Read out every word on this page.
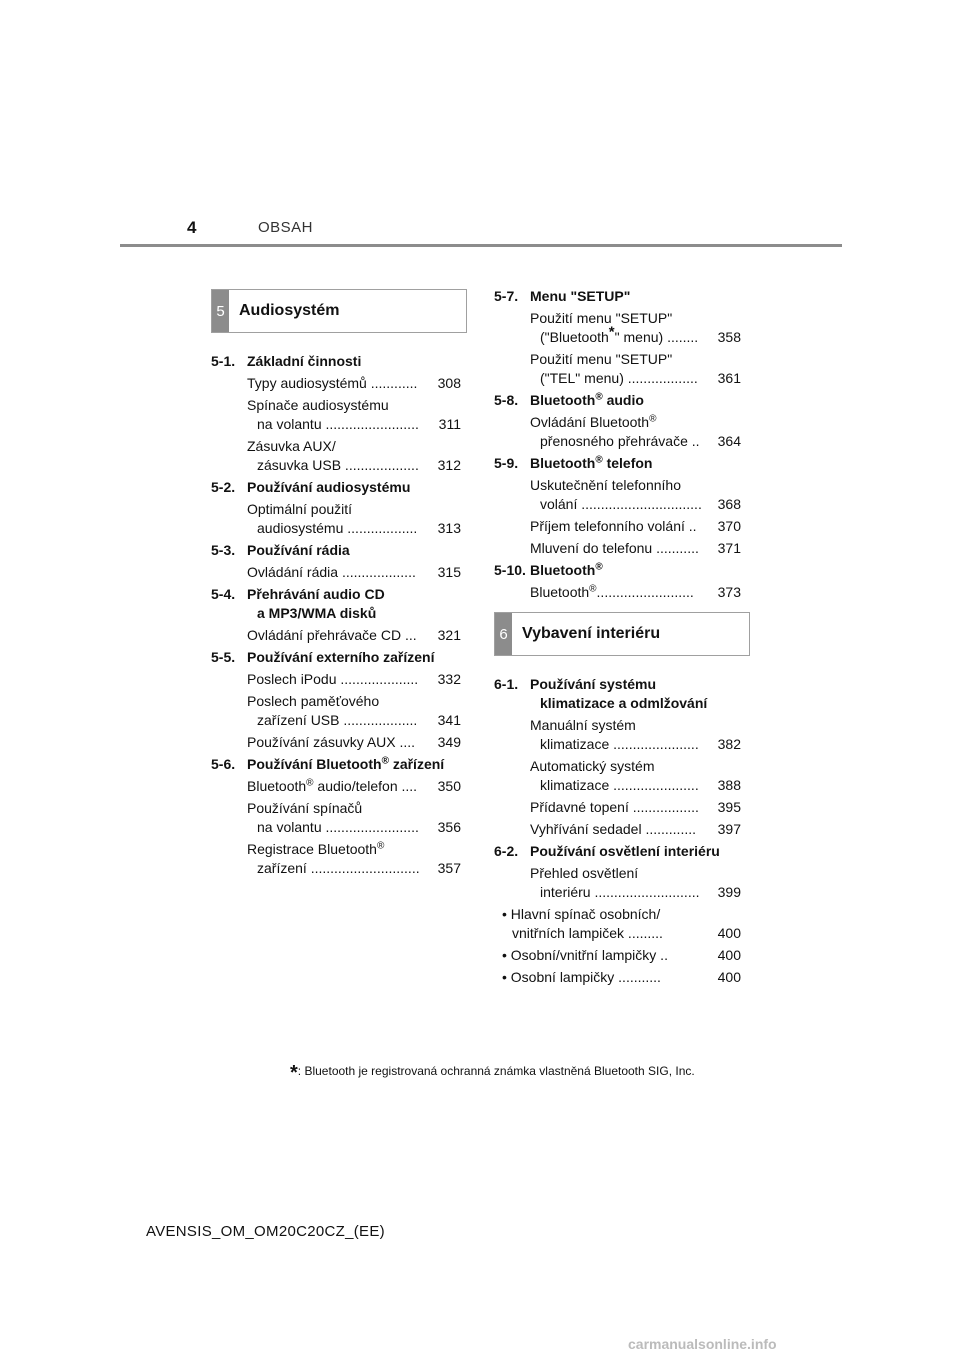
4	OBSAH
5 Audiosystém
5-1. Základní činnosti
Typy audiosystémů ............	308
Spínače audiosystému
na volantu ........................	311
Zásuvka AUX/
zásuvka USB ...................	312
5-2. Používání audiosystému
Optimální použití
audiosystému ..................	313
5-3. Používání rádia
Ovládání rádia ...................	315
5-4. Přehrávání audio CD
a MP3/WMA disků
Ovládání přehrávače CD ...	321
5-5. Používání externího zařízení
Poslech iPodu ....................	332
Poslech paměťového
zařízení USB ...................	341
Používání zásuvky AUX ....	349
5-6. Používání Bluetooth® zařízení
Bluetooth® audio/telefon ....	350
Používání spínačů
na volantu ........................	356
Registrace Bluetooth®
zařízení ............................	357
5-7. Menu "SETUP"
Použití menu "SETUP"
("Bluetooth*" menu) ........	358
Použití menu "SETUP"
("TEL" menu) ..................	361
5-8. Bluetooth® audio
Ovládání Bluetooth®
přenosného přehrávače ..	364
5-9. Bluetooth® telefon
Uskutečnění telefonního
volání ...............................	368
Příjem telefonního volání ..	370
Mluvení do telefonu ...........	371
5-10. Bluetooth®
Bluetooth®.........................	373
6 Vybavení interiéru
6-1. Používání systému
klimatizace a odmlžování
Manuální systém
klimatizace ......................	382
Automatický systém
klimatizace ......................	388
Přídavné topení .................	395
Vyhřívání sedadel .............	397
6-2. Používání osvětlení interiéru
Přehled osvětlení
interiéru ...........................	399
• Hlavní spínač osobních/
vnitřních lampiček .........	400
• Osobní/vnitřní lampičky ..	400
• Osobní lampičky ...........	400
*: Bluetooth je registrovaná ochranná známka vlastněná Bluetooth SIG, Inc.
AVENSIS_OM_OM20C20CZ_(EE)
carmanualsonline.info
